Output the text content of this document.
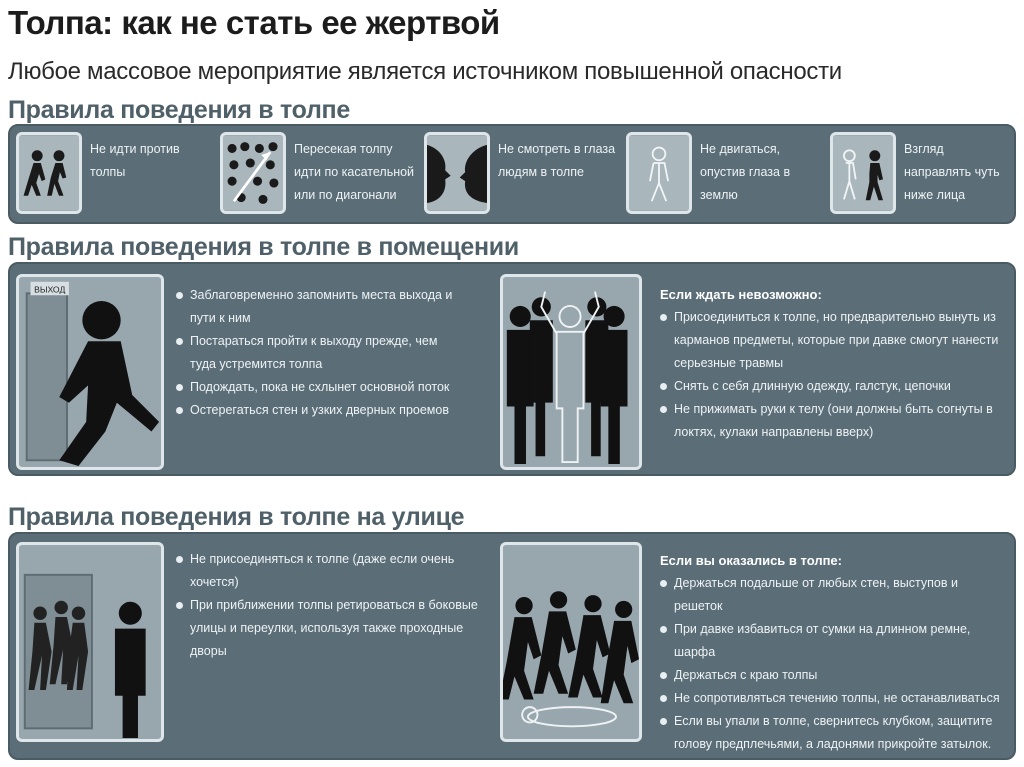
Толпа: как не стать ее жертвой
Любое массовое мероприятие является источником повышенной опасности
Правила поведения в толпе
Не идти против толпы
Пересекая толпу идти по касательной или по диагонали
Не смотреть в глаза людям в толпе
Не двигаться, опустив глаза в землю
Взгляд направлять чуть ниже лица
Правила поведения в толпе в помещении
ВЫХОД	Заблаговременно запомнить места выхода и пути к ним
Постараться пройти к выходу прежде, чем туда устремится толпа
Подождать, пока не схлынет основной поток
Остерегаться стен и узких дверных проемов
Если ждать невозможно:
Присоединиться к толпе, но предварительно вынуть из карманов предметы, которые при давке смогут нанести серьезные травмы
Снять с себя длинную одежду, галстук, цепочки
Не прижимать руки к телу (они должны быть согнуты в локтях, кулаки направлены вверх)
Правила поведения в толпе на улице
Не присоединяться к толпе (даже если очень хочется)
При приближении толпы ретироваться в боковые улицы и переулки, используя также проходные дворы
Если вы оказались в толпе:
Держаться подальше от любых стен, выступов и решеток
При давке избавиться от сумки на длинном ремне, шарфа
Держаться с краю толпы
Не сопротивляться течению толпы, не останавливаться
Если вы упали в толпе, свернитесь клубком, защитите голову предплечьями, а ладонями прикройте затылок.
